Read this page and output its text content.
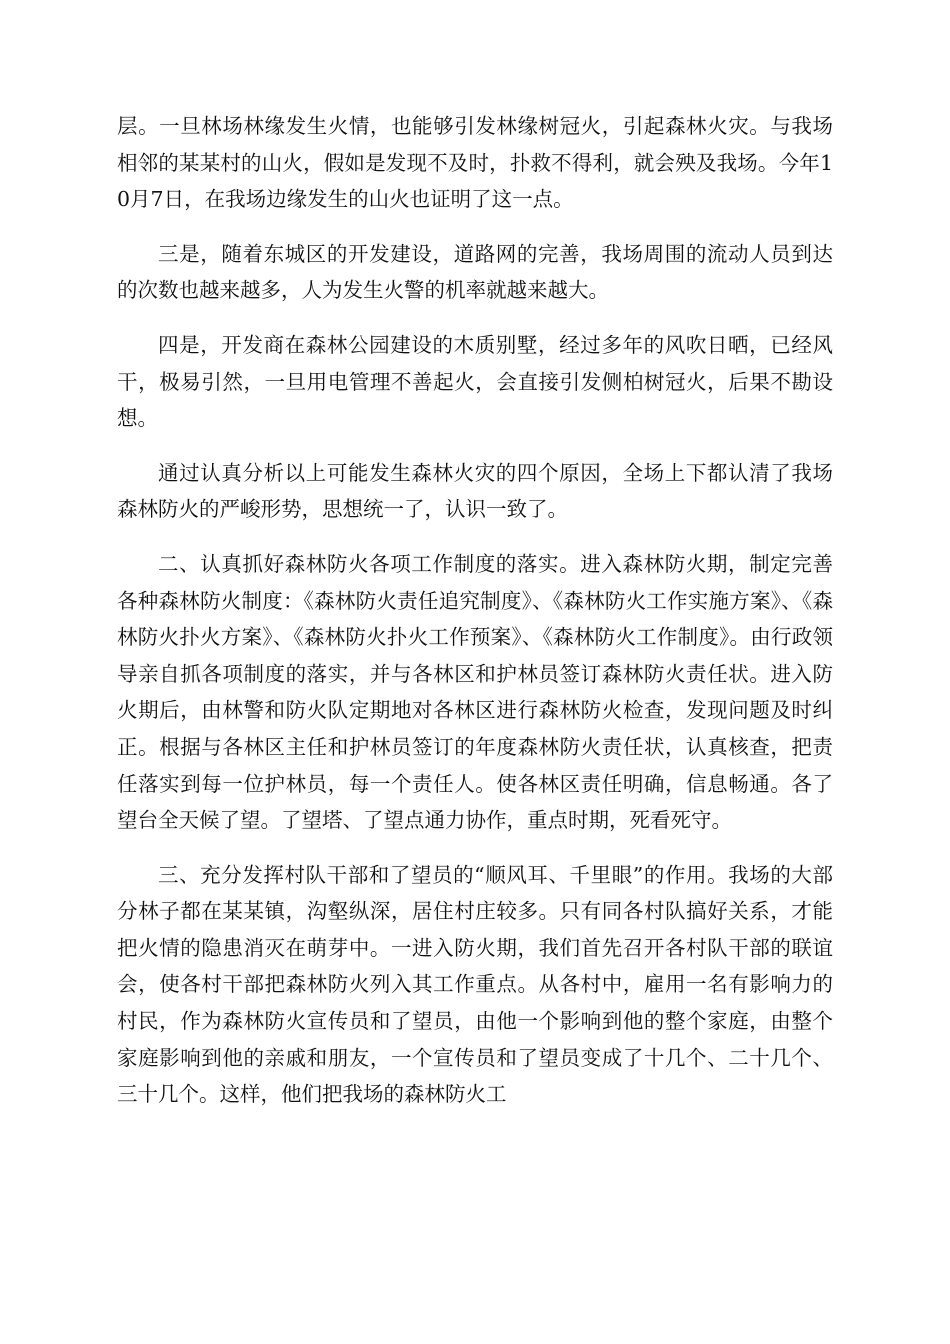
层。一旦林场林缘发生火情，也能够引发林缘树冠火，引起森林火灾。与我场相邻的某某村的山火，假如是发现不及时，扑救不得利，就会殃及我场。今年10月7日，在我场边缘发生的山火也证明了这一点。

三是，随着东城区的开发建设，道路网的完善，我场周围的流动人员到达的次数也越来越多，人为发生火警的机率就越来越大。

四是，开发商在森林公园建设的木质别墅，经过多年的风吹日晒，已经风干，极易引然，一旦用电管理不善起火，会直接引发侧柏树冠火，后果不勘设想。

通过认真分析以上可能发生森林火灾的四个原因，全场上下都认清了我场森林防火的严峻形势，思想统一了，认识一致了。

二、认真抓好森林防火各项工作制度的落实。进入森林防火期，制定完善各种森林防火制度：《森林防火责任追究制度》、《森林防火工作实施方案》、《森林防火扑火方案》、《森林防火扑火工作预案》、《森林防火工作制度》。由行政领导亲自抓各项制度的落实，并与各林区和护林员签订森林防火责任状。进入防火期后，由林警和防火队定期地对各林区进行森林防火检查，发现问题及时纠正。根据与各林区主任和护林员签订的年度森林防火责任状，认真核查，把责任落实到每一位护林员，每一个责任人。使各林区责任明确，信息畅通。各了望台全天候了望。了望塔、了望点通力协作，重点时期，死看死守。

三、充分发挥村队干部和了望员的“顺风耳、千里眼”的作用。我场的大部分林子都在某某镇，沟壑纵深，居住村庄较多。只有同各村队搞好关系，才能把火情的隐患消灭在萌芽中。一进入防火期，我们首先召开各村队干部的联谊会，使各村干部把森林防火列入其工作重点。从各村中，雇用一名有影响力的村民，作为森林防火宣传员和了望员，由他一个影响到他的整个家庭，由整个家庭影响到他的亲戚和朋友，一个宣传员和了望员变成了十几个、二十几个、三十几个。这样，他们把我场的森林防火工
